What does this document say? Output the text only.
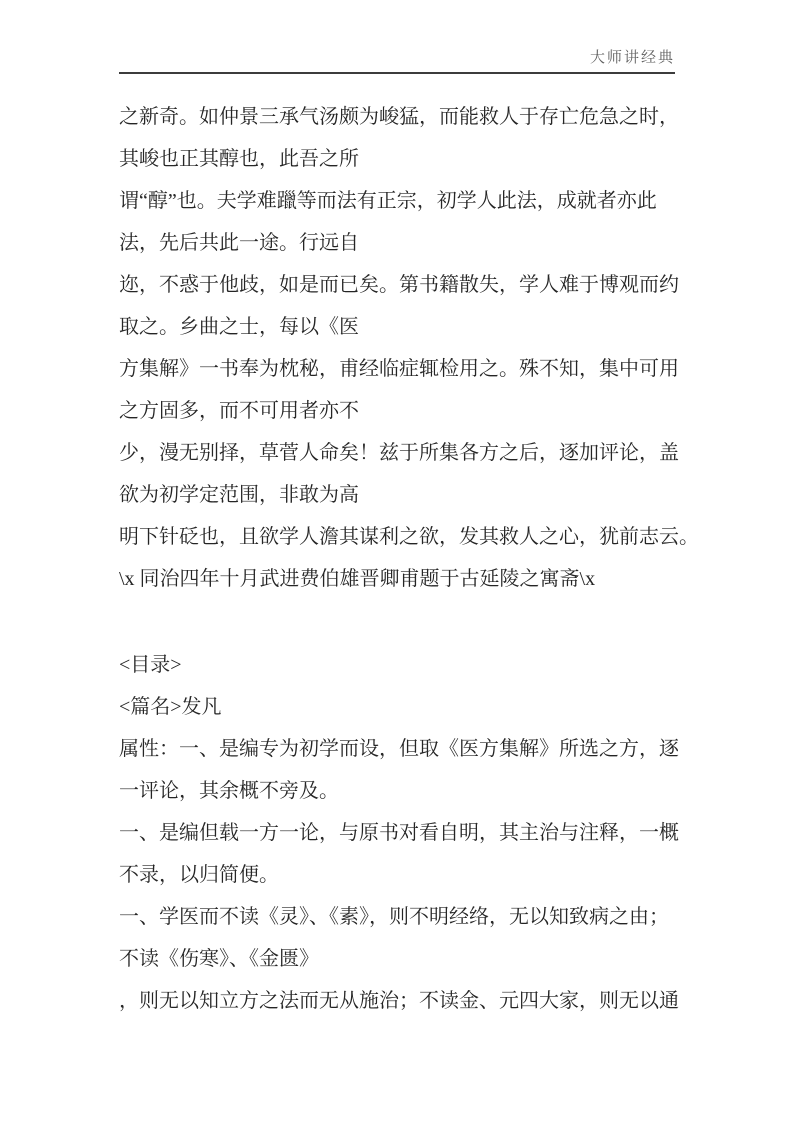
大师讲经典

之新奇。如仲景三承气汤颇为峻猛，而能救人于存亡危急之时，

其峻也正其醇也，此吾之所

谓“醇”也。夫学难躐等而法有正宗，初学人此法，成就者亦此

法，先后共此一途。行远自

迩，不惑于他歧，如是而已矣。第书籍散失，学人难于博观而约

取之。乡曲之士，每以《医

方集解》一书奉为枕秘，甫经临症辄检用之。殊不知，集中可用

之方固多，而不可用者亦不

少，漫无别择，草菅人命矣！兹于所集各方之后，逐加评论，盖

欲为初学定范围，非敢为高

明下针砭也，且欲学人澹其谋利之欲，发其救人之心，犹前志云。

\x 同治四年十月武进费伯雄晋卿甫题于古延陵之寓斋\x

<目录>

<篇名>发凡

属性：一、是编专为初学而设，但取《医方集解》所选之方，逐

一评论，其余概不旁及。

一、是编但载一方一论，与原书对看自明，其主治与注释，一概

不录，以归简便。

一、学医而不读《灵》、《素》，则不明经络，无以知致病之由；

不读《伤寒》、《金匮》

，则无以知立方之法而无从施治；不读金、元四大家，则无以通
